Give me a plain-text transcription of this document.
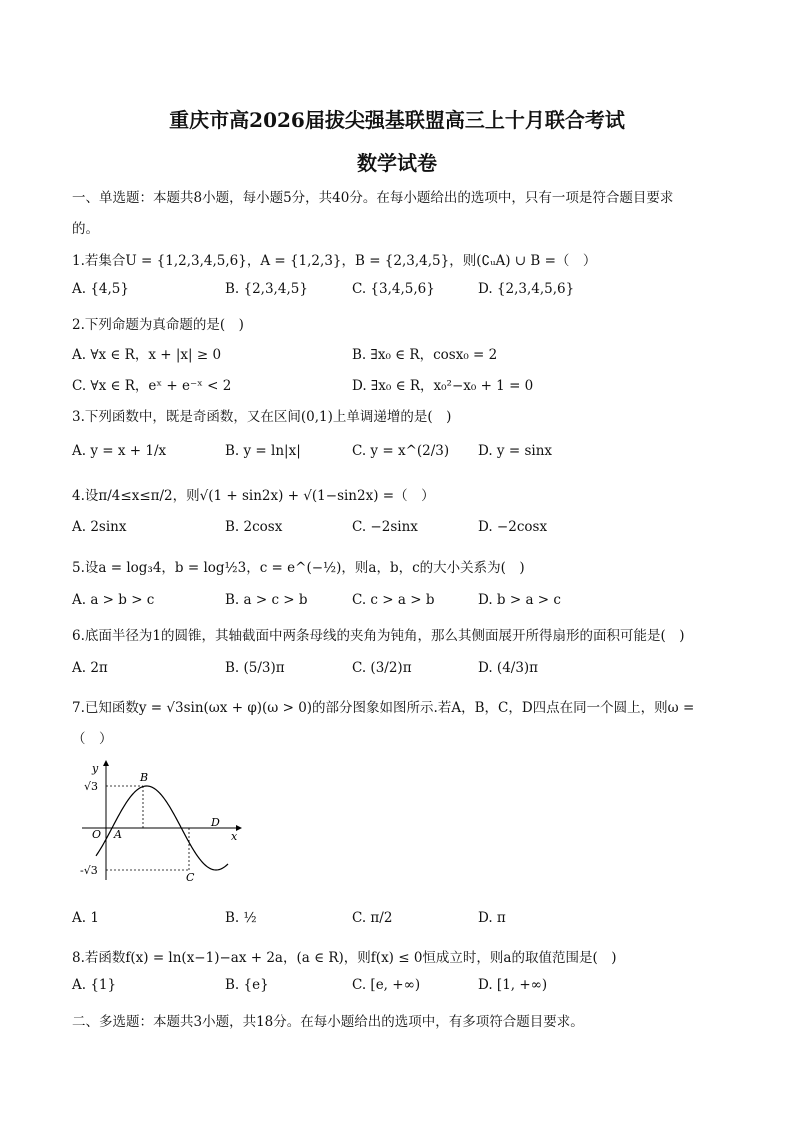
重庆市高2026届拔尖强基联盟高三上十月联合考试
数学试卷
一、单选题：本题共8小题，每小题5分，共40分。在每小题给出的选项中，只有一项是符合题目要求
的。
1.若集合U = {1,2,3,4,5,6}，A = {1,2,3}，B = {2,3,4,5}，则(∁ᵤA) ∪ B =（　）
A. {4,5}	B. {2,3,4,5}	C. {3,4,5,6}	D. {2,3,4,5,6}
2.下列命题为真命题的是(　)
A. ∀x ∈ R，x + |x| ≥ 0	B. ∃x₀ ∈ R，cosx₀ = 2
C. ∀x ∈ R，eˣ + e⁻ˣ < 2	D. ∃x₀ ∈ R，x₀²−x₀ + 1 = 0
3.下列函数中，既是奇函数，又在区间(0,1)上单调递增的是(　)
A. y = x + 1/x	B. y = ln|x|	C. y = x^(2/3) D. y = sinx
4.设π/4≤x≤π/2，则√(1 + sin2x) + √(1−sin2x) =（　）
A. 2sinx	B. 2cosx	C. −2sinx	D. −2cosx
5.设a = log₃4，b = log½3，c = e^(−½)，则a，b，c的大小关系为(　)
A. a > b > c	B. a > c > b	C. c > a > b	D. b > a > c
6.底面半径为1的圆锥，其轴截面中两条母线的夹角为钝角，那么其侧面展开所得扇形的面积可能是(　)
A. 2π	B. (5/3)π	C. (3/2)π	D. (4/3)π
7.已知函数y = √3sin(ωx + φ)(ω > 0)的部分图象如图所示.若A，B，C，D四点在同一个圆上，则ω =
（　）
y
x
O A
B
C
D
√3
-√3
A. 1	B. ½	C. π/2	D. π
8.若函数f(x) = ln(x−1)−ax + 2a，(a ∈ R)，则f(x) ≤ 0恒成立时，则a的取值范围是(　)
A. {1}	B. {e}	C. [e, +∞)	D. [1, +∞)
二、多选题：本题共3小题，共18分。在每小题给出的选项中，有多项符合题目要求。
